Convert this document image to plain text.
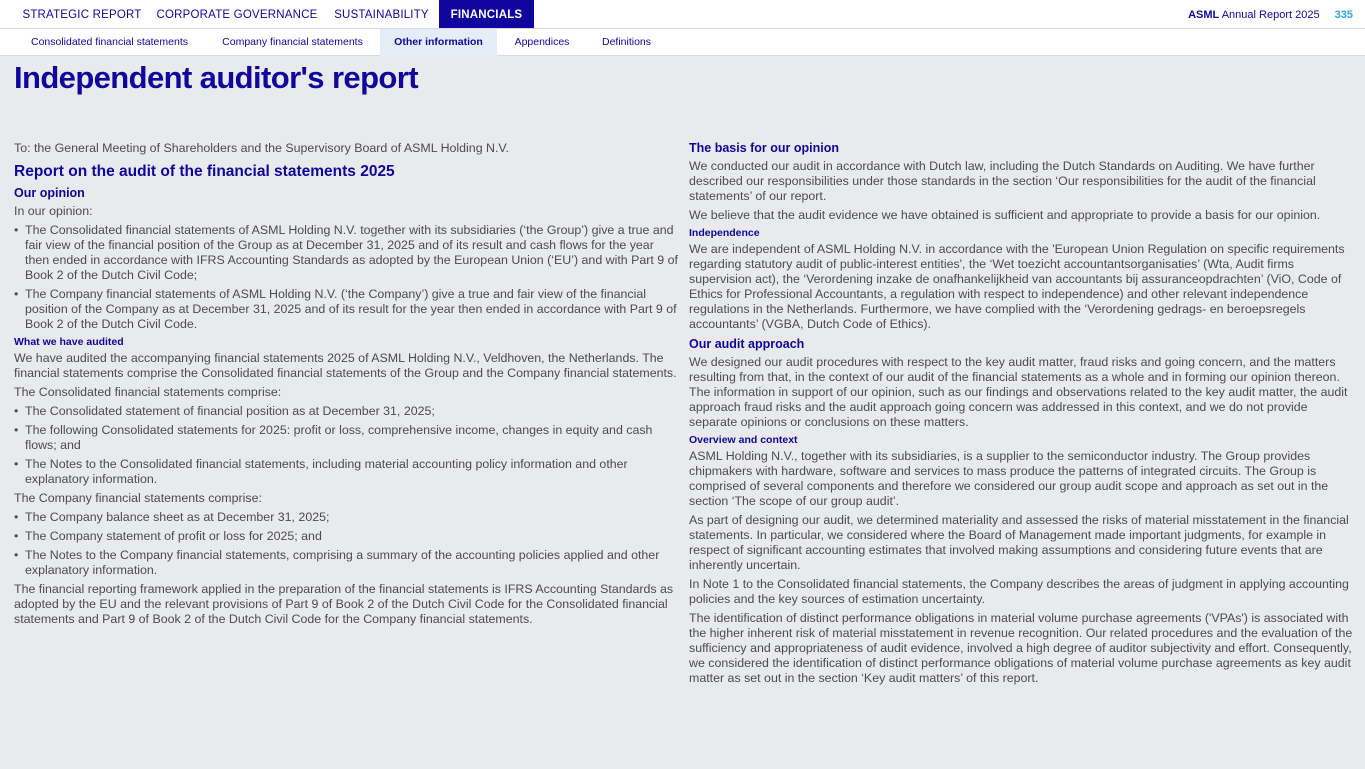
STRATEGIC REPORT	CORPORATE GOVERNANCE	SUSTAINABILITY	FINANCIALS	ASML Annual Report 2025 335
Consolidated financial statements	Company financial statements	Other information	Appendices	Definitions
Independent auditor's report

To: the General Meeting of Shareholders and the Supervisory Board of ASML Holding N.V.

Report on the audit of the financial statements 2025
Our opinion

In our opinion:

• The Consolidated financial statements of ASML Holding N.V. together with its subsidiaries (‘the Group’) give a true and fair view of the financial position of the Group as at December 31, 2025 and of its result and cash flows for the year then ended in accordance with IFRS Accounting Standards as adopted by the European Union (‘EU’) and with Part 9 of Book 2 of the Dutch Civil Code;
• The Company financial statements of ASML Holding N.V. (‘the Company’) give a true and fair view of the financial position of the Company as at December 31, 2025 and of its result for the year then ended in accordance with Part 9 of Book 2 of the Dutch Civil Code.
What we have audited

We have audited the accompanying financial statements 2025 of ASML Holding N.V., Veldhoven, the Netherlands. The financial statements comprise the Consolidated financial statements of the Group and the Company financial statements.

The Consolidated financial statements comprise:

• The Consolidated statement of financial position as at December 31, 2025;
• The following Consolidated statements for 2025: profit or loss, comprehensive income, changes in equity and cash flows; and
• The Notes to the Consolidated financial statements, including material accounting policy information and other explanatory information.

The Company financial statements comprise:

• The Company balance sheet as at December 31, 2025;
• The Company statement of profit or loss for 2025; and
• The Notes to the Company financial statements, comprising a summary of the accounting policies applied and other explanatory information.

The financial reporting framework applied in the preparation of the financial statements is IFRS Accounting Standards as adopted by the EU and the relevant provisions of Part 9 of Book 2 of the Dutch Civil Code for the Consolidated financial statements and Part 9 of Book 2 of the Dutch Civil Code for the Company financial statements.

The basis for our opinion

We conducted our audit in accordance with Dutch law, including the Dutch Standards on Auditing. We have further described our responsibilities under those standards in the section ‘Our responsibilities for the audit of the financial statements’ of our report.

We believe that the audit evidence we have obtained is sufficient and appropriate to provide a basis for our opinion.

Independence

We are independent of ASML Holding N.V. in accordance with the 'European Union Regulation on specific requirements regarding statutory audit of public-interest entities', the ‘Wet toezicht accountantsorganisaties’ (Wta, Audit firms supervision act), the ‘Verordening inzake de onafhankelijkheid van accountants bij assuranceopdrachten’ (ViO, Code of Ethics for Professional Accountants, a regulation with respect to independence) and other relevant independence regulations in the Netherlands. Furthermore, we have complied with the ‘Verordening gedrags- en beroepsregels accountants’ (VGBA, Dutch Code of Ethics).

Our audit approach

We designed our audit procedures with respect to the key audit matter, fraud risks and going concern, and the matters resulting from that, in the context of our audit of the financial statements as a whole and in forming our opinion thereon. The information in support of our opinion, such as our findings and observations related to the key audit matter, the audit approach fraud risks and the audit approach going concern was addressed in this context, and we do not provide separate opinions or conclusions on these matters.

Overview and context

ASML Holding N.V., together with its subsidiaries, is a supplier to the semiconductor industry. The Group provides chipmakers with hardware, software and services to mass produce the patterns of integrated circuits. The Group is comprised of several components and therefore we considered our group audit scope and approach as set out in the section ‘The scope of our group audit’.

As part of designing our audit, we determined materiality and assessed the risks of material misstatement in the financial statements. In particular, we considered where the Board of Management made important judgments, for example in respect of significant accounting estimates that involved making assumptions and considering future events that are inherently uncertain.

In Note 1 to the Consolidated financial statements, the Company describes the areas of judgment in applying accounting policies and the key sources of estimation uncertainty.

The identification of distinct performance obligations in material volume purchase agreements ('VPAs') is associated with the higher inherent risk of material misstatement in revenue recognition. Our related procedures and the evaluation of the sufficiency and appropriateness of audit evidence, involved a high degree of auditor subjectivity and effort. Consequently, we considered the identification of distinct performance obligations of material volume purchase agreements as key audit matter as set out in the section ‘Key audit matters’ of this report.
